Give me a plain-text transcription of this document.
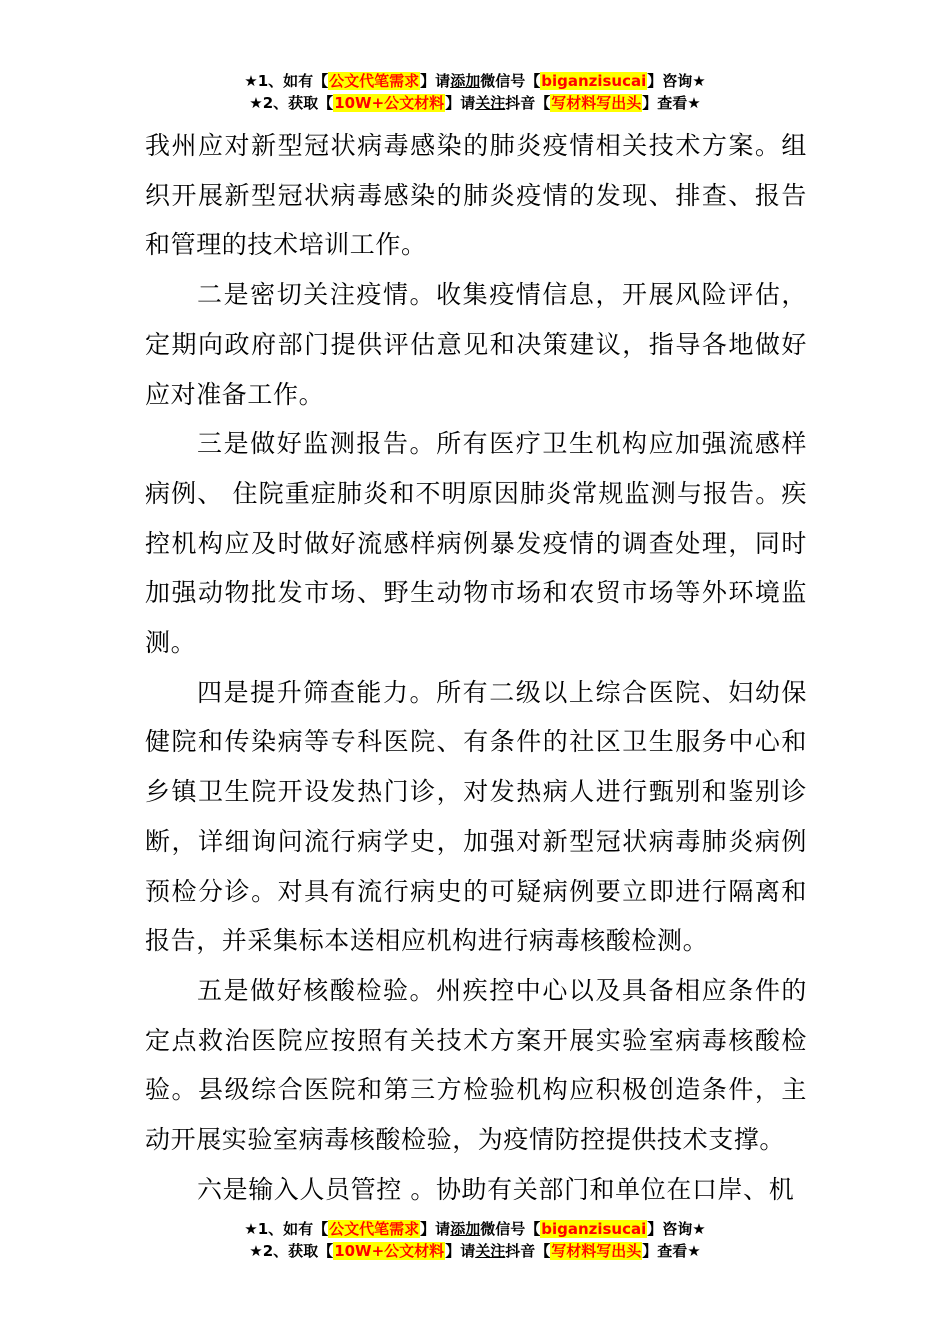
★1、如有【公文代笔需求】请添加微信号【biganzisucai】咨询★
★2、获取【10W+公文材料】请关注抖音【写材料写出头】查看★

我州应对新型冠状病毒感染的肺炎疫情相关技术方案。组织开展新型冠状病毒感染的肺炎疫情的发现、排查、报告和管理的技术培训工作。

二是密切关注疫情。收集疫情信息，开展风险评估，定期向政府部门提供评估意见和决策建议，指导各地做好应对准备工作。

三是做好监测报告。所有医疗卫生机构应加强流感样病例、 住院重症肺炎和不明原因肺炎常规监测与报告。疾控机构应及时做好流感样病例暴发疫情的调查处理，同时加强动物批发市场、野生动物市场和农贸市场等外环境监测。

四是提升筛查能力。所有二级以上综合医院、妇幼保健院和传染病等专科医院、有条件的社区卫生服务中心和乡镇卫生院开设发热门诊，对发热病人进行甄别和鉴别诊断，详细询问流行病学史，加强对新型冠状病毒肺炎病例预检分诊。对具有流行病史的可疑病例要立即进行隔离和报告，并采集标本送相应机构进行病毒核酸检测。

五是做好核酸检验。州疾控中心以及具备相应条件的定点救治医院应按照有关技术方案开展实验室病毒核酸检验。县级综合医院和第三方检验机构应积极创造条件，主动开展实验室病毒核酸检验，为疫情防控提供技术支撑。

六是输入人员管控 。协助有关部门和单位在口岸、机

★1、如有【公文代笔需求】请添加微信号【biganzisucai】咨询★
★2、获取【10W+公文材料】请关注抖音【写材料写出头】查看★
